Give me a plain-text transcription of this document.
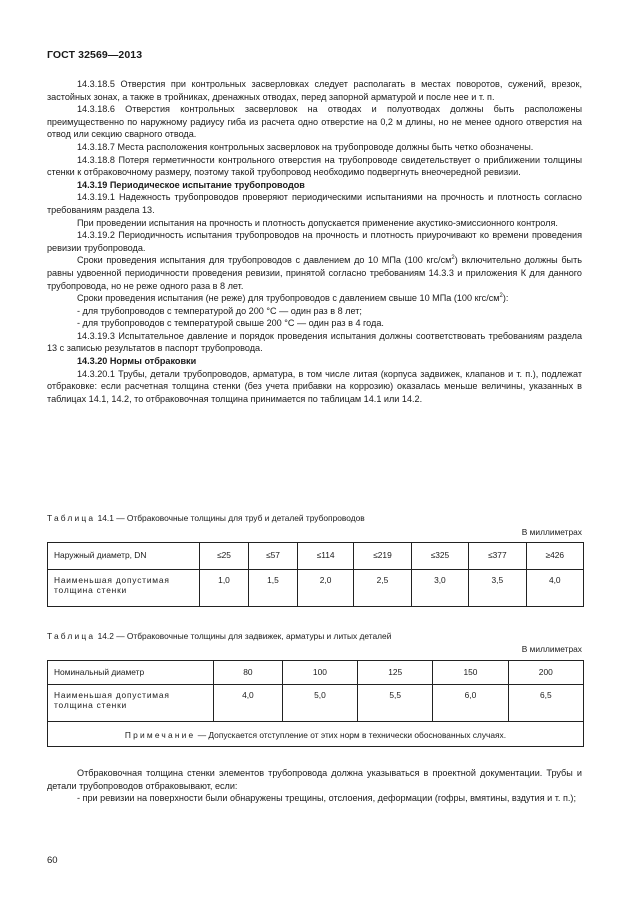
ГОСТ 32569—2013

14.3.18.5 Отверстия при контрольных засверловках следует располагать в местах поворотов, сужений, врезок, застойных зонах, а также в тройниках, дренажных отводах, перед запорной арматурой и после нее и т. п.

14.3.18.6 Отверстия контрольных засверловок на отводах и полуотводах должны быть расположены преимущественно по наружному радиусу гиба из расчета одно отверстие на 0,2 м длины, но не менее одного отверстия на отвод или секцию сварного отвода.

14.3.18.7 Места расположения контрольных засверловок на трубопроводе должны быть четко обозначены.

14.3.18.8 Потеря герметичности контрольного отверстия на трубопроводе свидетельствует о приближении толщины стенки к отбраковочному размеру, поэтому такой трубопровод необходимо подвергнуть внеочередной ревизии.

14.3.19 Периодическое испытание трубопроводов

14.3.19.1 Надежность трубопроводов проверяют периодическими испытаниями на прочность и плотность согласно требованиям раздела 13.

При проведении испытания на прочность и плотность допускается применение акустико-эмиссионного контроля.

14.3.19.2 Периодичность испытания трубопроводов на прочность и плотность приурочивают ко времени проведения ревизии трубопровода.

Сроки проведения испытания для трубопроводов с давлением до 10 МПа (100 кгс/$см^2$) включительно должны быть равны удвоенной периодичности проведения ревизии, принятой согласно требованиям 14.3.3 и приложения К для данного трубопровода, но не реже одного раза в 8 лет.

Сроки проведения испытания (не реже) для трубопроводов с давлением свыше 10 МПа (100 кгс/$см^2$):

- для трубопроводов с температурой до 200 °С — один раз в 8 лет;

- для трубопроводов с температурой свыше 200 °С — один раз в 4 года.

14.3.19.3 Испытательное давление и порядок проведения испытания должны соответствовать требованиям раздела 13 с записью результатов в паспорт трубопровода.

14.3.20 Нормы отбраковки

14.3.20.1 Трубы, детали трубопроводов, арматура, в том числе литая (корпуса задвижек, клапанов и т. п.), подлежат отбраковке: если расчетная толщина стенки (без учета прибавки на коррозию) оказалась меньше величины, указанных в таблицах 14.1, 14.2, то отбраковочная толщина принимается по таблицам 14.1 или 14.2.

Таблица 14.1 — Отбраковочные толщины для труб и деталей трубопроводов
В миллиметрах
Наружный диаметр, DN	≤25	≤57	≤114	≤219	≤325	≤377	≥426
Наименьшая допустимая толщина стенки	1,0	1,5	2,0	2,5	3,0	3,5	4,0
Таблица 14.2 — Отбраковочные толщины для задвижек, арматуры и литых деталей
В миллиметрах
Номинальный диаметр	80	100	125	150	200
Наименьшая допустимая толщина стенки	4,0	5,0	5,5	6,0	6,5
Примечание — Допускается отступление от этих норм в технически обоснованных случаях.					

Отбраковочная толщина стенки элементов трубопровода должна указываться в проектной документации. Трубы и детали трубопроводов отбраковывают, если:

- при ревизии на поверхности были обнаружены трещины, отслоения, деформации (гофры, вмятины, вздутия и т. п.);

60
